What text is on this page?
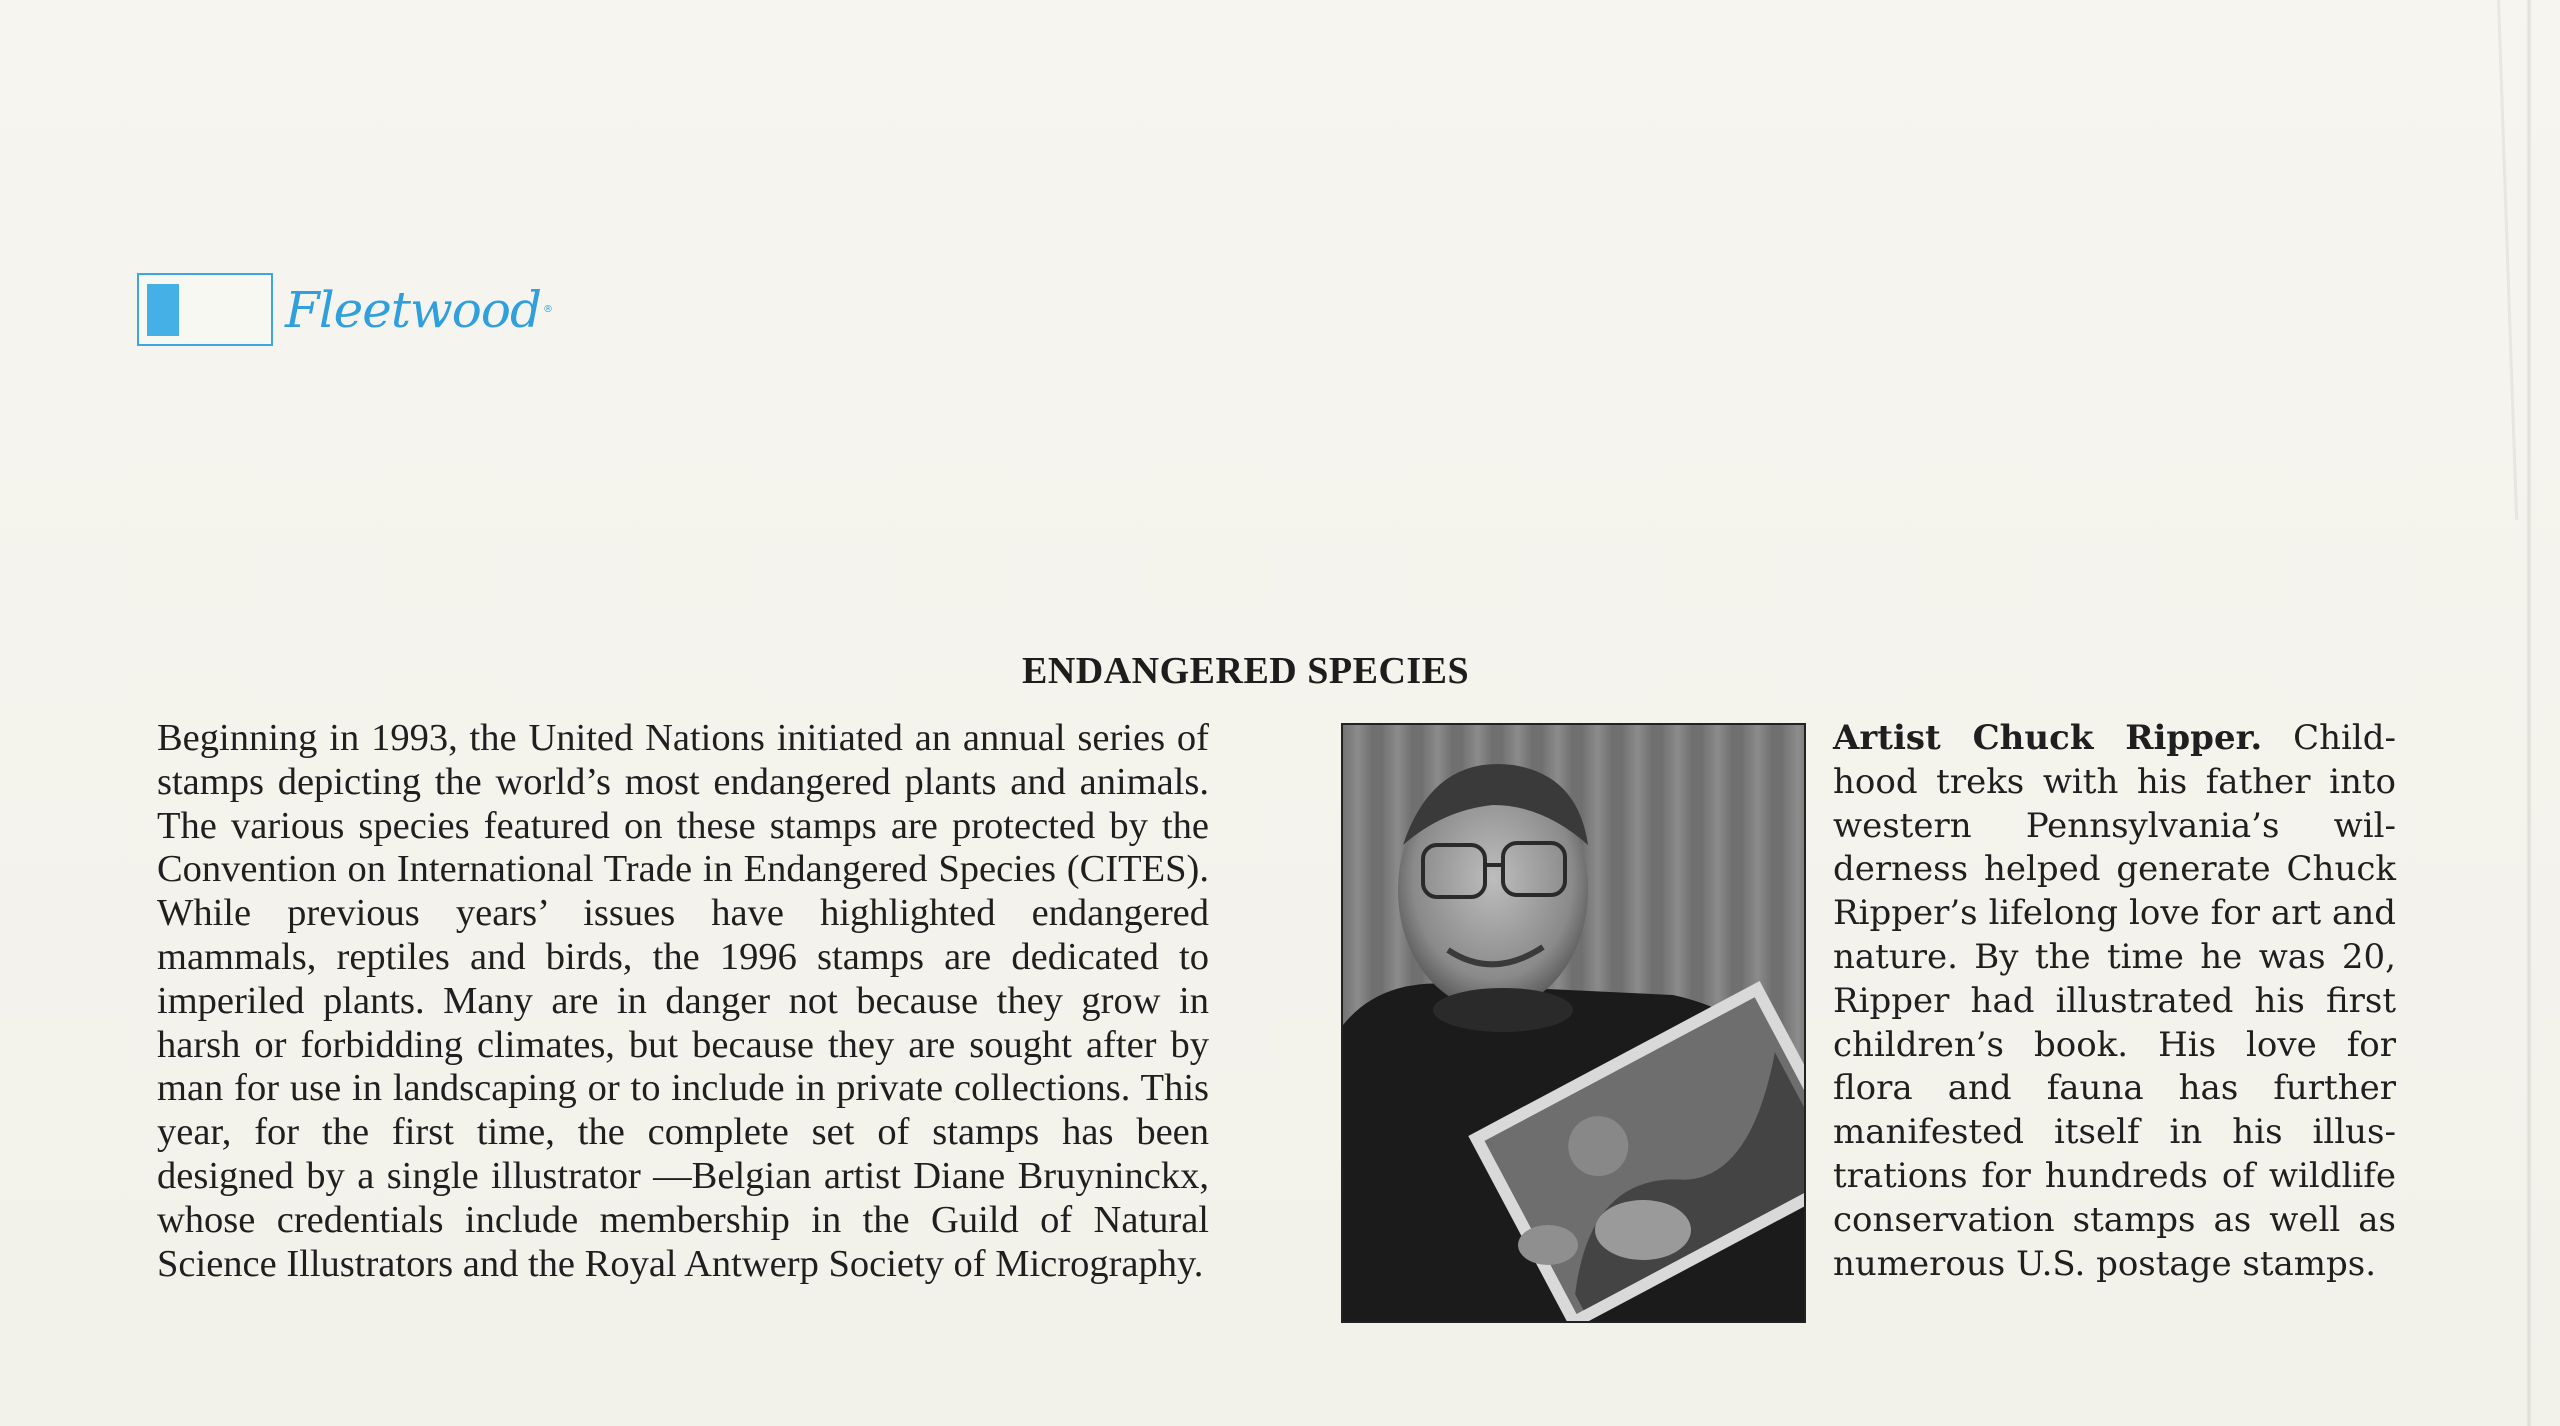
Fleetwood ®
ENDANGERED SPECIES

Beginning in 1993, the United Nations initiated an annual series of stamps depicting the world’s most endangered plants and animals. The various species featured on these stamps are protected by the Convention on International Trade in Endangered Species (CITES). While previous years’ issues have highlighted endangered mammals, reptiles and birds, the 1996 stamps are dedicated to imperiled plants. Many are in danger not because they grow in harsh or forbidding climates, but because they are sought after by man for use in landscaping or to include in private collections. This year, for the first time, the complete set of stamps has been designed by a single illustrator —Belgian artist Diane Bruyninckx, whose credentials include membership in the Guild of Natural Science Illustrators and the Royal Antwerp Society of Micrography.

Artist Chuck Ripper. Childhood treks with his father into western Pennsylvania’s wilderness helped generate Chuck Ripper’s lifelong love for art and nature. By the time he was 20, Ripper had illustrated his first children’s book. His love for flora and fauna has further manifested itself in his illustrations for hundreds of wildlife conservation stamps as well as numerous U.S. postage stamps.
